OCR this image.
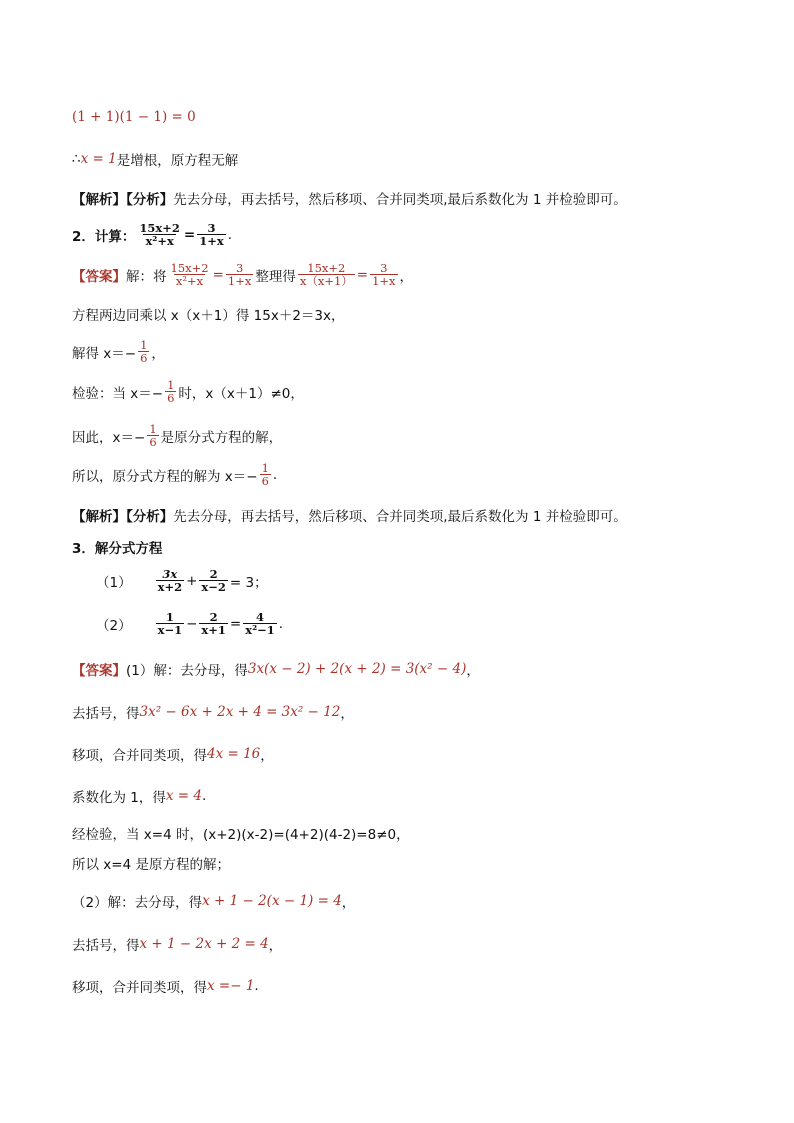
(1 + 1)(1 − 1) = 0
∴ x = 1 是增根，原方程无解
【解析】【分析】 先去分母，再去括号，然后移项、合并同类项,最后系数化为 1 并检验即可。
2．计算： $\frac{15x+2}{\text{x²+x}} = \frac{3}{1+x}$ .
【答案】 解：将 $\frac{15x+2}{\text{x²+x}} = \frac{3}{1+x}$ 整理得 $\frac{15x+2}{x(x+1)} = \frac{3}{1+x}$ ，
方程两边同乘以 x（x＋1）得 15x＋2＝3x，
解得 $x=- \frac{1}{6}$ ，
检验：当 $x=- \frac{1}{6}$ 时，x（x＋1）≠0，
因此，$x=- \frac{1}{6}$ 是原分式方程的解，
所以，原分式方程的解为 $x=- \frac{1}{6}$ .
【解析】【分析】 先去分母，再去括号，然后移项、合并同类项,最后系数化为 1 并检验即可。
3．解分式方程
$(1) \frac{3x}{x+2} + \frac{2}{x-2} = 3$；
$(2) \frac{1}{x-1} - \frac{2}{x+1} = \frac{4}{\text{x²−1}}$ .
【答案】 (1）解：去分母，得 3x(x − 2) + 2(x + 2) = 3(x² − 4) ，
去括号，得 3x² − 6x + 2x + 4 = 3x² − 12 ，
移项，合并同类项，得 4x = 16 ，
系数化为 1，得 x = 4 .
经检验，当 x=4 时，(x+2)(x-2)=(4+2)(4-2)=8≠0，
所以 x=4 是原方程的解；
（2）解：去分母，得 x + 1 − 2(x − 1) = 4 ，
去括号，得 x + 1 − 2x + 2 = 4 ，
移项，合并同类项，得 x =− 1 .
